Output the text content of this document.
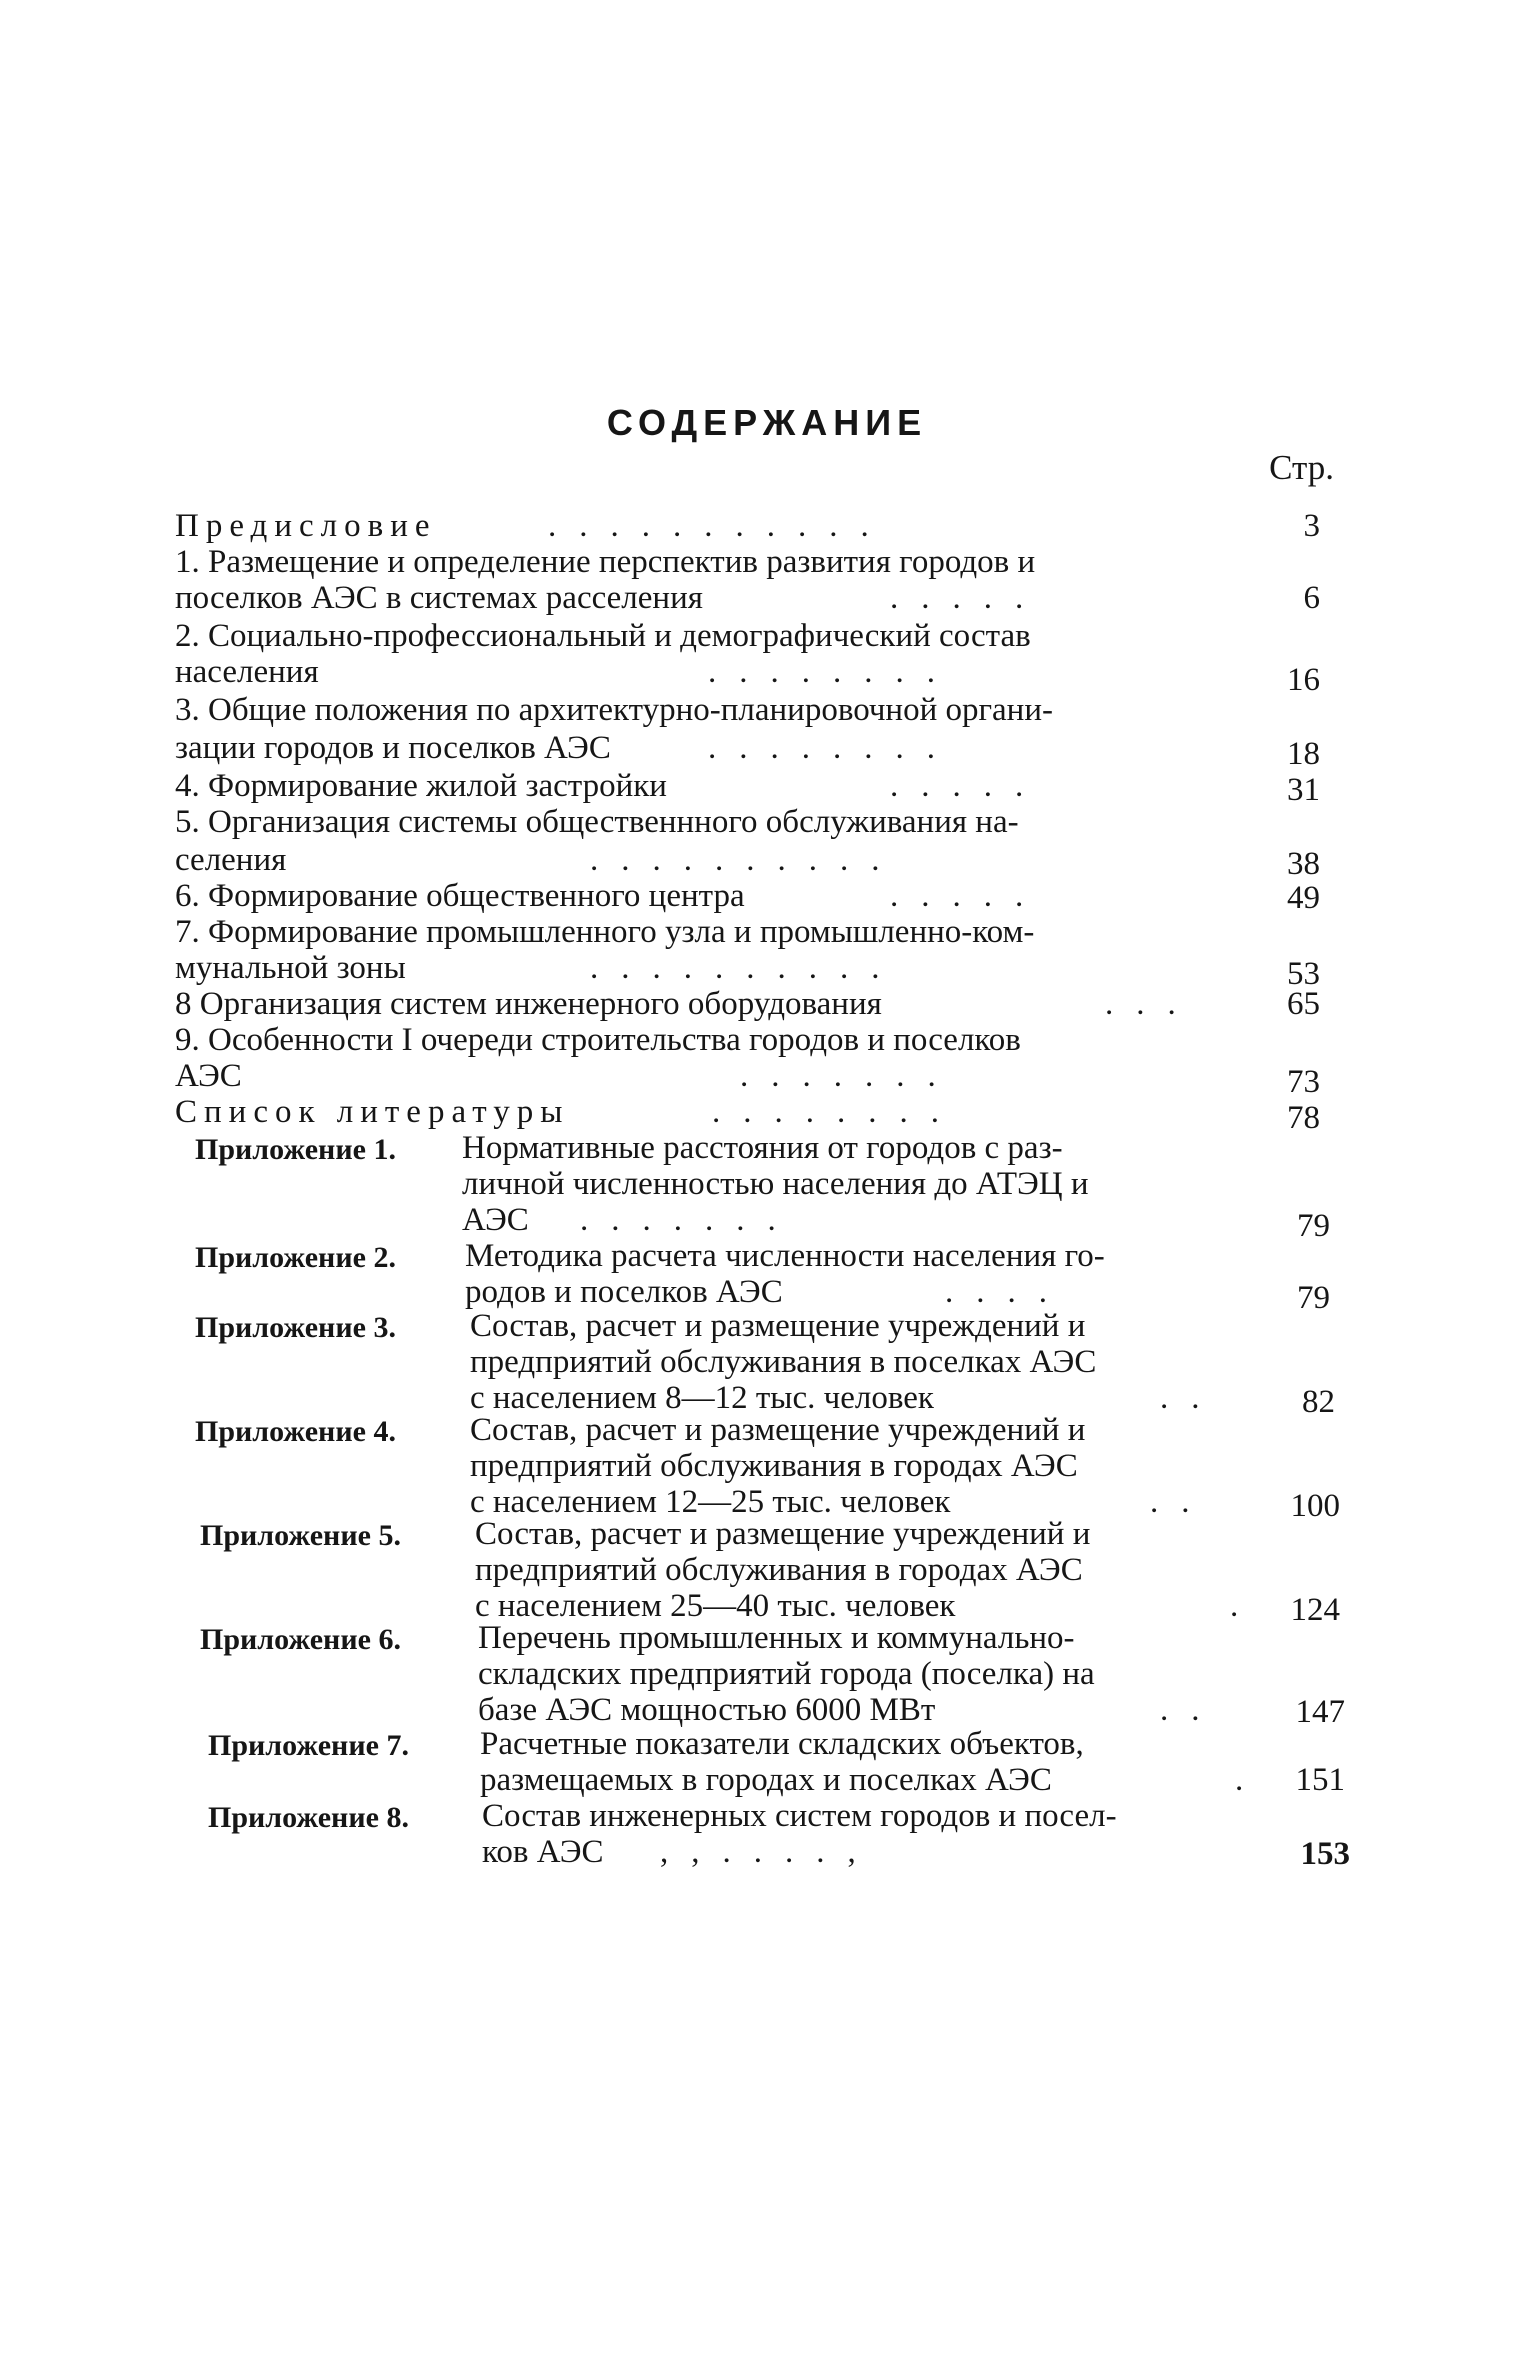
СОДЕРЖАНИЕ
Стр.
Предисловие	...........	3
1. Размещение и определение перспектив развития городов и
поселков АЭС в системах расселения	.....	6
2. Социально-профессиональный и демографический состав
населения	........	16
3. Общие положения по архитектурно-планировочной органи-
зации городов и поселков АЭС	........	18
4. Формирование жилой застройки	.....	31
5. Организация системы общественнного обслуживания на-
селения	..........	38
6. Формирование общественного центра	.....	49
7. Формирование промышленного узла и промышленно-ком-
мунальной зоны	..........	53
8 Организация систем инженерного оборудования	...	65
9. Особенности I очереди строительства городов и поселков
АЭС	.......	73
Список литературы	........	78
Приложение 1. Нормативные расстояния от городов с раз-
личной численностью населения до АТЭЦ и
АЭС .......	79
Приложение 2. Методика расчета численности населения го-
родов и поселков АЭС	....	79
Приложение 3. Состав, расчет и размещение учреждений и
предприятий обслуживания в поселках АЭС
с населением 8—12 тыс. человек	..	82
Приложение 4. Состав, расчет и размещение учреждений и
предприятий обслуживания в городах АЭС
с населением 12—25 тыс. человек	..	100
Приложение 5. Состав, расчет и размещение учреждений и
предприятий обслуживания в городах АЭС
с населением 25—40 тыс. человек	. 124
Приложение 6. Перечень промышленных и коммунально-
складских предприятий города (поселка) на
базе АЭС мощностью 6000 МВт	..	147
Приложение 7. Расчетные показатели складских объектов,
размещаемых в городах и поселках АЭС	. 151
Приложение 8. Состав инженерных систем городов и посел-
ков АЭС ,,....,	153
